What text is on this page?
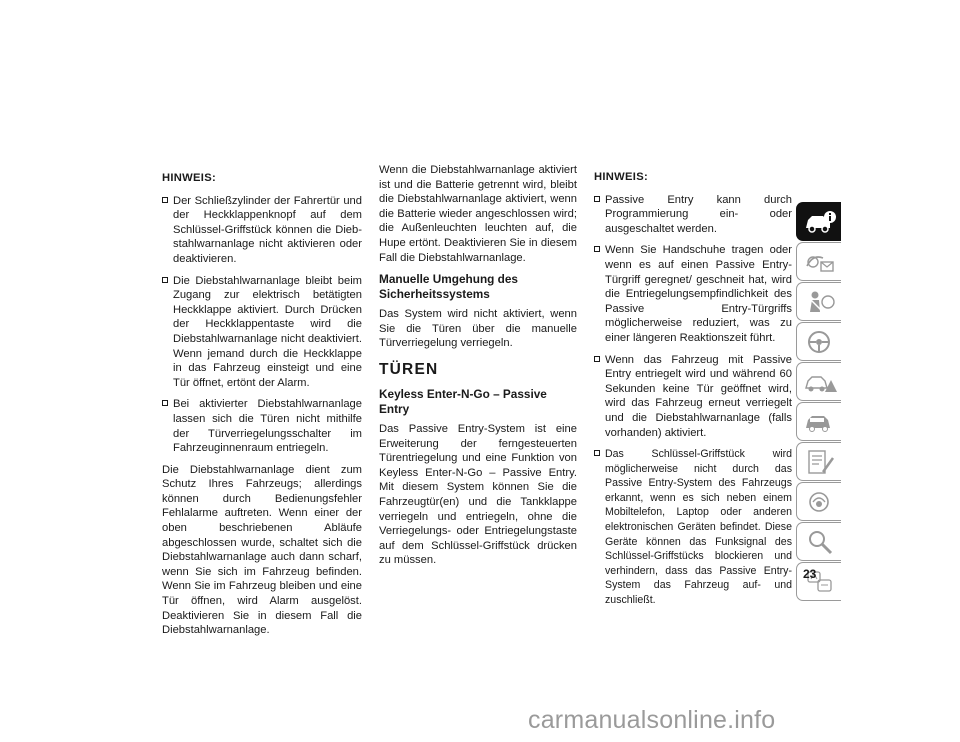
HINWEIS:
Der Schließzylinder der Fahrertür und der Heckklappenknopf auf dem Schlüssel-Griffstück können die Diebstahlwarnanlage nicht aktivieren oder deaktivieren.
Die Diebstahlwarnanlage bleibt beim Zugang zur elektrisch betätigten Heckklappe aktiviert. Durch Drücken der Heckklappentaste wird die Diebstahlwarnanlage nicht deaktiviert. Wenn jemand durch die Heckklappe in das Fahrzeug einsteigt und eine Tür öffnet, ertönt der Alarm.
Bei aktivierter Diebstahlwarnanlage lassen sich die Türen nicht mithilfe der Türverriegelungsschalter im Fahrzeuginnenraum entriegeln.

Die Diebstahlwarnanlage dient zum Schutz Ihres Fahrzeugs; allerdings können durch Bedienungsfehler Fehlalarme auftreten. Wenn einer der oben beschriebenen Abläufe abgeschlossen wurde, schaltet sich die Diebstahlwarnanlage auch dann scharf, wenn Sie sich im Fahrzeug befinden. Wenn Sie im Fahrzeug bleiben und eine Tür öffnen, wird Alarm ausgelöst. Deaktivieren Sie in diesem Fall die Diebstahlwarnanlage.

Wenn die Diebstahlwarnanlage aktiviert ist und die Batterie getrennt wird, bleibt die Diebstahlwarnanlage aktiviert, wenn die Batterie wieder angeschlossen wird; die Außenleuchten leuchten auf, die Hupe ertönt. Deaktivieren Sie in diesem Fall die Diebstahlwarnanlage.

Manuelle Umgehung des Sicherheitssystems

Das System wird nicht aktiviert, wenn Sie die Türen über die manuelle Türverriegelung verriegeln.

TÜREN
Keyless Enter-N-Go – Passive Entry

Das Passive Entry-System ist eine Erweiterung der ferngesteuerten Türentriegelung und eine Funktion von Keyless Enter-N-Go – Passive Entry. Mit diesem System können Sie die Fahrzeugtür(en) und die Tankklappe verriegeln und entriegeln, ohne die Verriegelungs- oder Entriegelungstaste auf dem Schlüssel-Griffstück drücken zu müssen.

HINWEIS:
Passive Entry kann durch Programmierung ein- oder ausgeschaltet werden.
Wenn Sie Handschuhe tragen oder wenn es auf einen Passive Entry-Türgriff geregnet/ geschneit hat, wird die Entriegelungsempfindlichkeit des Passive Entry-Türgriffs möglicherweise reduziert, was zu einer längeren Reaktionszeit führt.
Wenn das Fahrzeug mit Passive Entry entriegelt wird und während 60 Sekunden keine Tür geöffnet wird, wird das Fahrzeug erneut verriegelt und die Diebstahlwarnanlage (falls vorhanden) aktiviert.
Das Schlüssel-Griffstück wird möglicherweise nicht durch das Passive Entry-System des Fahrzeugs erkannt, wenn es sich neben einem Mobiltelefon, Laptop oder anderen elektronischen Geräten befindet. Diese Geräte können das Funksignal des Schlüssel-Griffstücks blockieren und verhindern, dass das Passive Entry-System das Fahrzeug auf- und zuschließt.
23
carmanualsonline.info
